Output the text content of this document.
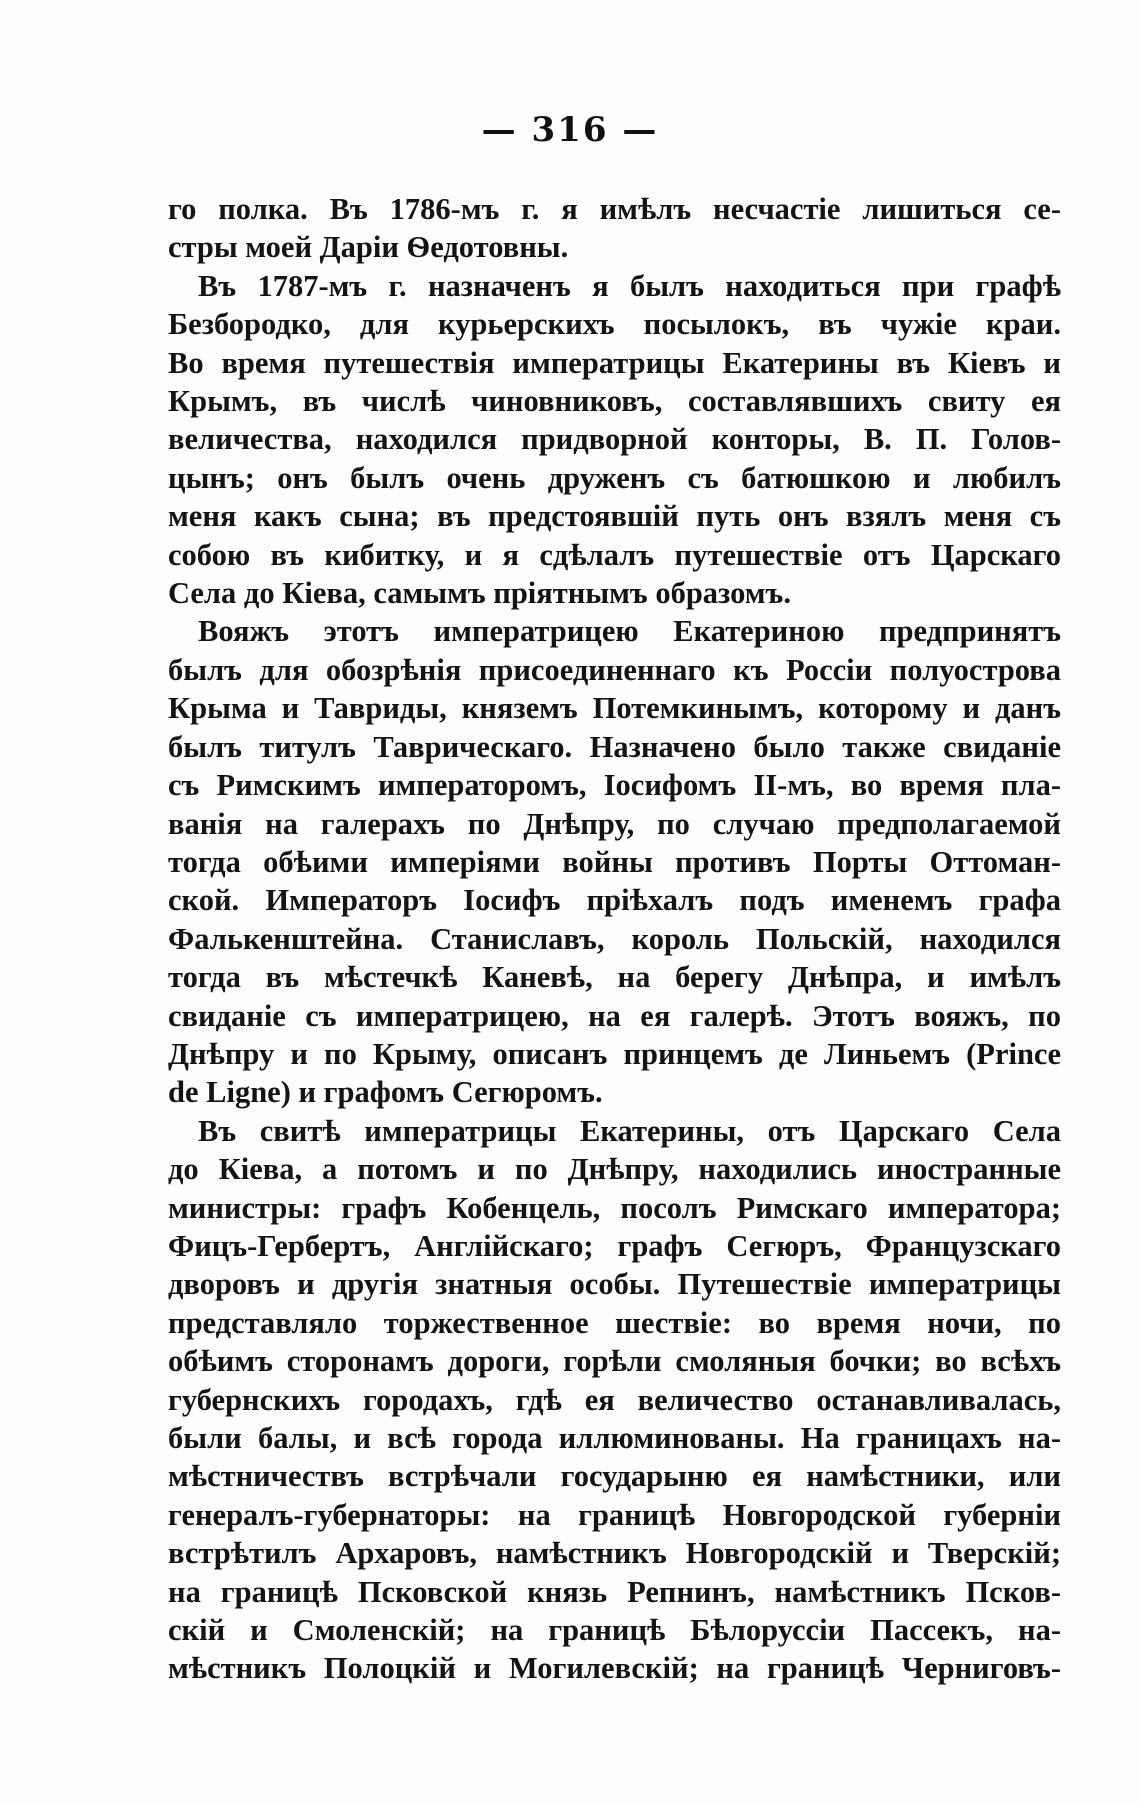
— 316 —

го полка. Въ 1786-мъ г. я имѣлъ несчастіе лишиться се-
стры моей Даріи Ѳедотовны.

Въ 1787-мъ г. назначенъ я былъ находиться при графѣ
Безбородко, для курьерскихъ посылокъ, въ чужіе краи.
Во время путешествія императрицы Екатерины въ Кіевъ и
Крымъ, въ числѣ чиновниковъ, составлявшихъ свиту ея
величества, находился придворной конторы, В. П. Голов-
цынъ; онъ былъ очень друженъ съ батюшкою и любилъ
меня какъ сына; въ предстоявшій путь онъ взялъ меня съ
собою въ кибитку, и я сдѣлалъ путешествіе отъ Царскаго
Села до Кіева, самымъ пріятнымъ образомъ.

Вояжъ этотъ императрицею Екатериною предпринятъ
былъ для обозрѣнія присоединеннаго къ Россіи полуострова
Крыма и Тавриды, княземъ Потемкинымъ, которому и данъ
былъ титулъ Таврическаго. Назначено было также свиданіе
съ Римскимъ императоромъ, Іосифомъ II-мъ, во время пла-
ванія на галерахъ по Днѣпру, по случаю предполагаемой
тогда обѣими имперіями войны противъ Порты Оттоман-
ской. Императоръ Іосифъ пріѣхалъ подъ именемъ графа
Фалькенштейна. Станиславъ, король Польскій, находился
тогда въ мѣстечкѣ Каневѣ, на берегу Днѣпра, и имѣлъ
свиданіе съ императрицею, на ея галерѣ. Этотъ вояжъ, по
Днѣпру и по Крыму, описанъ принцемъ де Линьемъ (Prince
de Ligne) и графомъ Сегюромъ.

Въ свитѣ императрицы Екатерины, отъ Царскаго Села
до Кіева, а потомъ и по Днѣпру, находились иностранные
министры: графъ Кобенцель, посолъ Римскаго императора;
Фицъ-Гербертъ, Англійскаго; графъ Сегюръ, Французскаго
дворовъ и другія знатныя особы. Путешествіе императрицы
представляло торжественное шествіе: во время ночи, по
обѣимъ сторонамъ дороги, горѣли смоляныя бочки; во всѣхъ
губернскихъ городахъ, гдѣ ея величество останавливалась,
были балы, и всѣ города иллюминованы. На границахъ на-
мѣстничествъ встрѣчали государыню ея намѣстники, или
генералъ-губернаторы: на границѣ Новгородской губерніи
встрѣтилъ Архаровъ, намѣстникъ Новгородскій и Тверскій;
на границѣ Псковской князь Репнинъ, намѣстникъ Псков-
скій и Смоленскій; на границѣ Бѣлоруссіи Пассекъ, на-
мѣстникъ Полоцкій и Могилевскій; на границѣ Черниговъ-
